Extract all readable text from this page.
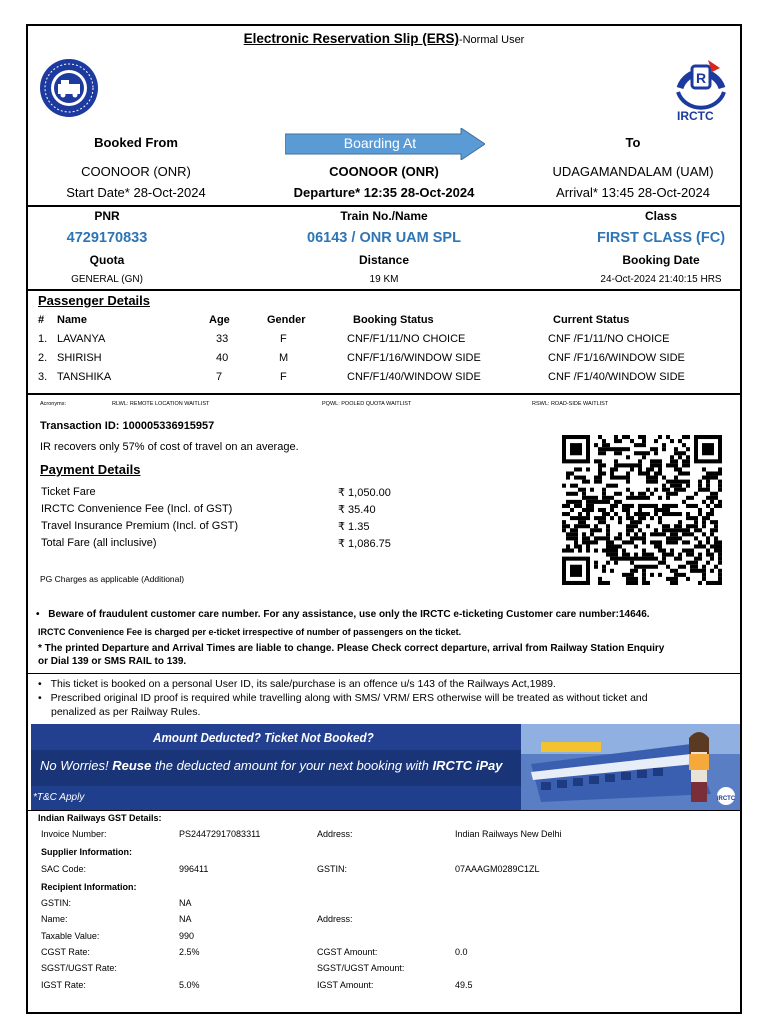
Electronic Reservation Slip (ERS)-Normal User
R
IRCTC
Booked From	Boarding At	To
COONOOR (ONR)	COONOOR (ONR)	UDAGAMANDALAM (UAM)
Start Date* 28-Oct-2024	Departure* 12:35 28-Oct-2024	Arrival* 13:45 28-Oct-2024
PNR	Train No./Name	Class
4729170833	06143 / ONR UAM SPL	FIRST CLASS (FC)
Quota	Distance	Booking Date
GENERAL (GN)	19 KM	24-Oct-2024 21:40:15 HRS
Passenger Details
# Name	Age	Gender	Booking Status	Current Status
1. LAVANYA	33	F	CNF/F1/11/NO CHOICE	CNF /F1/11/NO CHOICE
2. SHIRISH	40	M	CNF/F1/16/WINDOW SIDE	CNF /F1/16/WINDOW SIDE
3. TANSHIKA	7	F	CNF/F1/40/WINDOW SIDE	CNF /F1/40/WINDOW SIDE
Acronyms:	RLWL: REMOTE LOCATION WAITLIST	PQWL: POOLED QUOTA WAITLIST	RSWL: ROAD-SIDE WAITLIST
Transaction ID: 100005336915957
IR recovers only 57% of cost of travel on an average.
Payment Details
Ticket Fare	₹ 1,050.00
IRCTC Convenience Fee (Incl. of GST)	₹ 35.40
Travel Insurance Premium (Incl. of GST)	₹ 1.35
Total Fare (all inclusive)	₹ 1,086.75
PG Charges as applicable (Additional)
• Beware of fraudulent customer care number. For any assistance, use only the IRCTC e-ticketing Customer care number:14646.
IRCTC Convenience Fee is charged per e-ticket irrespective of number of passengers on the ticket.
* The printed Departure and Arrival Times are liable to change. Please Check correct departure, arrival from Railway Station Enquiry
or Dial 139 or SMS RAIL to 139.
• This ticket is booked on a personal User ID, its sale/purchase is an offence u/s 143 of the Railways Act,1989.
• Prescribed original ID proof is required while travelling along with SMS/ VRM/ ERS otherwise will be treated as without ticket and
penalized as per Railway Rules.
IRCTC
Amount Deducted? Ticket Not Booked?
No Worries! Reuse the deducted amount for your next booking with IRCTC iPay
*T&C Apply
Indian Railways GST Details:
Invoice Number:	PS24472917083311	Address:	Indian Railways New Delhi
Supplier Information:
SAC Code:	996411	GSTIN:	07AAAGM0289C1ZL
Recipient Information:
GSTIN:	NA
Name:	NA	Address:
Taxable Value:	990
CGST Rate:	2.5%	CGST Amount:	0.0
SGST/UGST Rate:	SGST/UGST Amount:
IGST Rate:	5.0%	IGST Amount:	49.5
